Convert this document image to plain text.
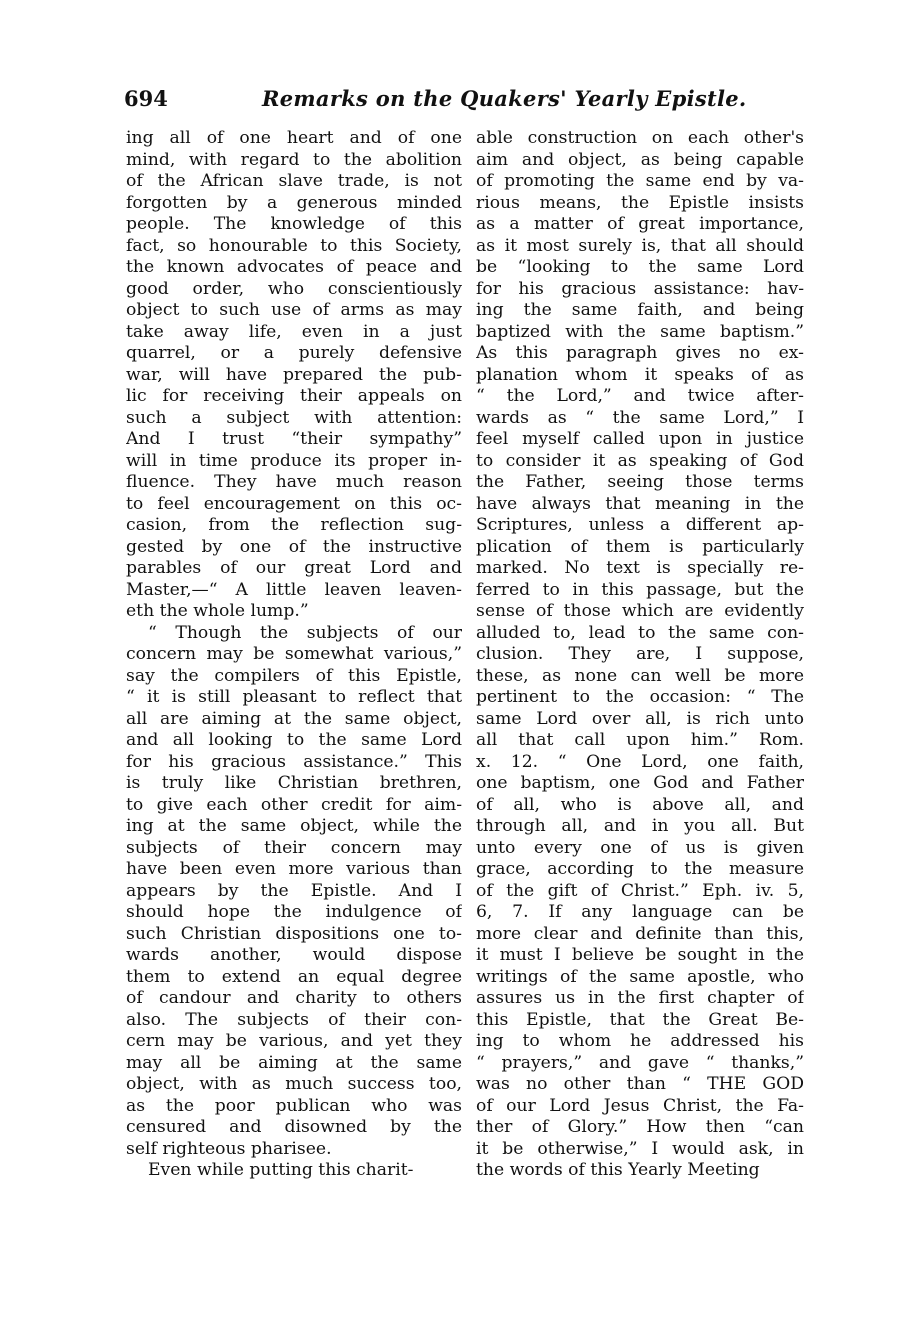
694	Remarks on the Quakers' Yearly Epistle.
ing all of one heart and of one
mind, with regard to the abolition
of the African slave trade, is not
forgotten by a generous minded
people. The knowledge of this
fact, so honourable to this Society,
the known advocates of peace and
good order, who conscientiously
object to such use of arms as may
take away life, even in a just
quarrel, or a purely defensive
war, will have prepared the pub-
lic for receiving their appeals on
such a subject with attention:
And I trust “their sympathy”
will in time produce its proper in-
fluence. They have much reason
to feel encouragement on this oc-
casion, from the reflection sug-
gested by one of the instructive
parables of our great Lord and
Master,—“ A little leaven leaven-
eth the whole lump.”
“ Though the subjects of our
concern may be somewhat various,”
say the compilers of this Epistle,
“ it is still pleasant to reflect that
all are aiming at the same object,
and all looking to the same Lord
for his gracious assistance.” This
is truly like Christian brethren,
to give each other credit for aim-
ing at the same object, while the
subjects of their concern may
have been even more various than
appears by the Epistle. And I
should hope the indulgence of
such Christian dispositions one to-
wards another, would dispose
them to extend an equal degree
of candour and charity to others
also. The subjects of their con-
cern may be various, and yet they
may all be aiming at the same
object, with as much success too,
as the poor publican who was
censured and disowned by the
self righteous pharisee.
Even while putting this charit-
able construction on each other's
aim and object, as being capable
of promoting the same end by va-
rious means, the Epistle insists
as a matter of great importance,
as it most surely is, that all should
be “looking to the same Lord
for his gracious assistance: hav-
ing the same faith, and being
baptized with the same baptism.”
As this paragraph gives no ex-
planation whom it speaks of as
“ the Lord,” and twice after-
wards as “ the same Lord,” I
feel myself called upon in justice
to consider it as speaking of God
the Father, seeing those terms
have always that meaning in the
Scriptures, unless a different ap-
plication of them is particularly
marked. No text is specially re-
ferred to in this passage, but the
sense of those which are evidently
alluded to, lead to the same con-
clusion. They are, I suppose,
these, as none can well be more
pertinent to the occasion: “ The
same Lord over all, is rich unto
all that call upon him.” Rom.
x. 12. “ One Lord, one faith,
one baptism, one God and Father
of all, who is above all, and
through all, and in you all. But
unto every one of us is given
grace, according to the measure
of the gift of Christ.” Eph. iv. 5,
6, 7. If any language can be
more clear and definite than this,
it must I believe be sought in the
writings of the same apostle, who
assures us in the first chapter of
this Epistle, that the Great Be-
ing to whom he addressed his
“ prayers,” and gave “ thanks,”
was no other than “ THE GOD
of our Lord Jesus Christ, the Fa-
ther of Glory.” How then “can
it be otherwise,” I would ask, in
the words of this Yearly Meeting
